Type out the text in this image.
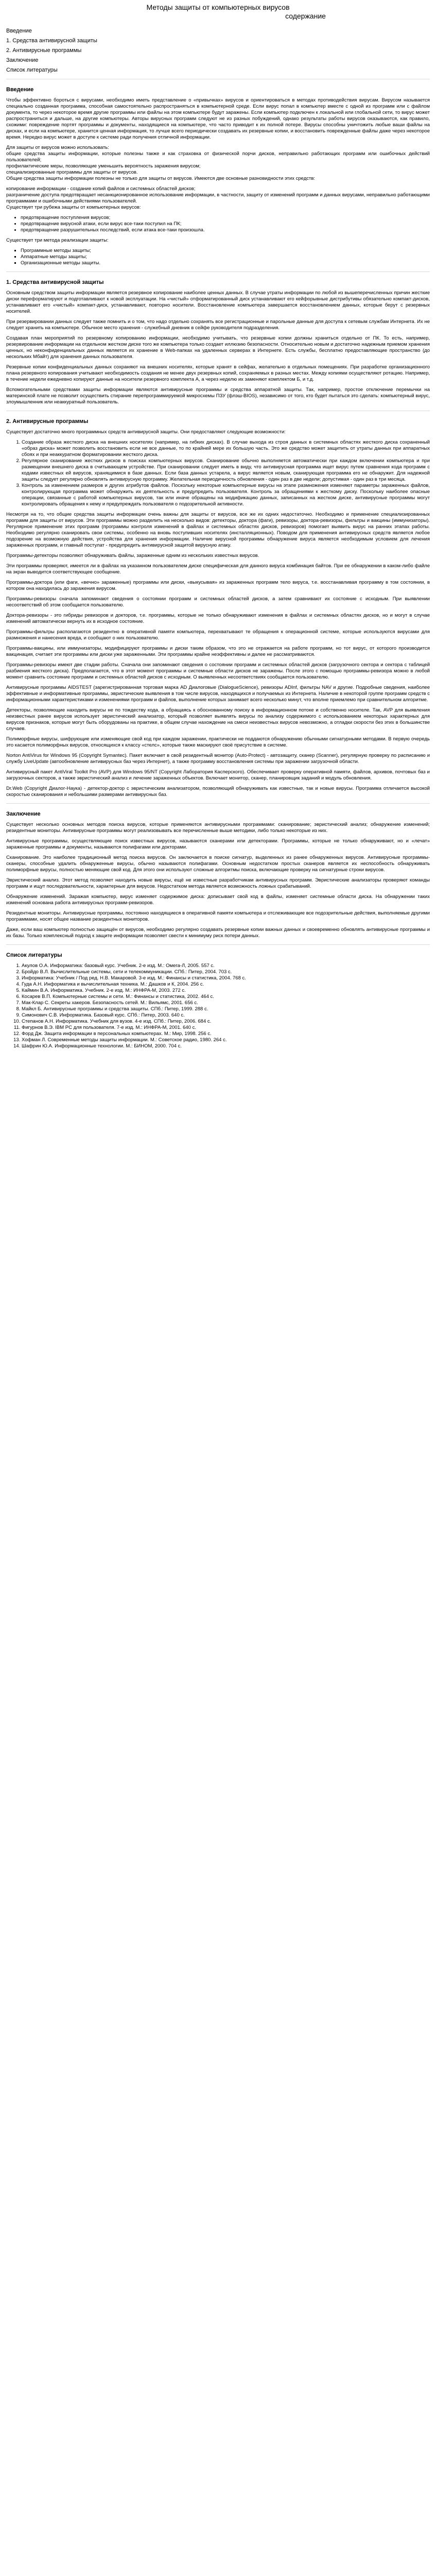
Методы защиты от компьютерных вирусов
содержание
Введение
1. Средства антивирусной защиты
2. Антивирусные программы
Заключение
Список литературы
Введение

Чтобы эффективно бороться с вирусами, необходимо иметь представление о «привычках» вирусов и ориентироваться в методах противодействия вирусам. Вирусом называется специально созданная программа, способная самостоятельно распространяться в компьютерной среде. Если вирус попал в компьютер вместе с одной из программ или с файлом документа, то через некоторое время другие программы или файлы на этом компьютере будут заражены. Если компьютер подключен к локальной или глобальной сети, то вирус может распространиться и дальше, на другие компьютеры. Авторы вирусных программ следуют не из разных побуждений, однако результаты работы вирусов оказываются, как правило, схожими: повреждение портят программы и документы, находящиеся на компьютере, что часто приводит к их полной потере. Вирусы способны уничтожить любые ваши файлы на дисках, и если на компьютере, хранится ценная информация, то лучше всего периодически создавать их резервные копии, и восстановить поврежденные файлы даже через некоторое время. Нередко вирус может в доступе к системе ради получения отличной информации.

Для защиты от вирусов можно использовать:

общие средства защиты информации, которые полезны также и как страховка от физической порчи дисков, неправильно работающих программ или ошибочных действий пользователей;

профилактические меры, позволяющие уменьшить вероятность заражения вирусом;

специализированные программы для защиты от вирусов.

Общие средства защиты информации полезны не только для защиты от вирусов. Имеются две основные разновидности этих средств:

копирование информации - создание копий файлов и системных областей дисков;

разграничение доступа предотвращает несанкционированное использование информации, в частности, защиту от изменений программ и данных вирусами, неправильно работающими программами и ошибочными действиями пользователей.

Существует три рубежа защиты от компьютерных вирусов:

• предотвращение поступления вирусов;
• предотвращение вирусной атаки, если вирус все-таки поступил на ПК;
• предотвращение разрушительных последствий, если атака все-таки произошла.

Существует три метода реализации защиты:

▪ Программные методы защиты;
▪ Аппаратные методы защиты;
▪ Организационные методы защиты.
1. Средства антивирусной защиты

Основным средством защиты информации является резервное копирование наиболее ценных данных. В случае утраты информации по любой из вышеперечисленных причин жесткие диски переформатируют и подготавливают к новой эксплуатации. На «чистый» отформатированный диск устанавливают его кейфорывные дистрибутивы обязательно компакт-дисков, устанавливают его «чистый» компакт-диск, устанавливают, повторно носители. Восстановление компьютера завершается восстановлением данных, которые берут с резервных носителей.

При резервировании данных следует также помнить и о том, что надо отдельно сохранять все регистрационные и парольные данные для доступа к сетевым службам Интернета. Их не следует хранить на компьютере. Обычное место хранения - служебный дневник в сейфе руководителя подразделения.

Создавая план мероприятий по резервному копированию информации, необходимо учитывать, что резервные копии должны храниться отдельно от ПК. То есть, например, резервирование информации на отдельном жестком диске того же компьютера только создает иллюзию безопасности. Относительно новым и достаточно надежным приемом хранения ценных, но неконфиденциальных данных является их хранение в Web-папках на удаленных серверах в Интернете. Есть службы, бесплатно предоставляющие пространство (до нескольких Мбайт) для хранения данных пользователя.

Резервные копии конфиденциальных данных сохраняют на внешних носителях, которые хранят в сейфах, желательно в отдельных помещениях. При разработке организационного плана резервного копирования учитывают необходимость создания не менее двух резервных копий, сохраняемых в разных местах. Между копиями осуществляют ротацию. Например, в течение недели ежедневно копируют данные на носители резервного комплекта А, а через неделю их заменяют комплектом Б, и т.д.

Вспомогательными средствами защиты информации являются антивирусные программы и средства аппаратной защиты. Так, например, простое отключение перемычки на материнской плате не позволит осуществить стирание перепрограммируемой микросхемы ПЗУ (флэш-BIOS), независимо от того, кто будет пытаться это сделать: компьютерный вирус, злоумышленник или неаккуратный пользователь.

2. Антивирусные программы

Существует достаточно много программных средств антивирусной защиты. Они предоставляют следующие возможности:

1. Создание образа жесткого диска на внешних носителях (например, на гибких дисках). В случае выхода из строя данных в системных областях жесткого диска сохраненный «образ диска» может позволить восстановить если не все данные, то по крайней мере их большую часть. Это же средство может защитить от утраты данных при аппаратных сбоях и при неаккуратном форматировании жесткого диска.
2. Регулярное сканирование жестких дисков в поисках компьютерных вирусов. Сканирование обычно выполняется автоматически при каждом включении компьютера и при размещении внешнего диска в считывающем устройстве. При сканировании следует иметь в виду, что антивирусная программа ищет вирус путем сравнения кода программ с кодами известных ей вирусов, хранящимися в базе данных. Если база данных устарела, а вирус является новым, сканирующая программа его не обнаружит. Для надежной защиты следует регулярно обновлять антивирусную программу. Желательная периодичность обновления - один раз в две недели; допустимая - один раз в три месяца.
3. Контроль за изменением размеров и других атрибутов файлов. Поскольку некоторые компьютерные вирусы на этапе размножения изменяют параметры зараженных файлов, контролирующая программа может обнаружить их деятельность и предупредить пользователя. Контроль за обращениями к жесткому диску. Поскольку наиболее опасные операции, связанные с работой компьютерных вирусов, так или иначе обращены на модификацию данных, записанных на жестком диске, антивирусные программы могут контролировать обращения к нему и предупреждать пользователя о подозрительной активности.

Несмотря на то, что общие средства защиты информации очень важны для защиты от вирусов, все же их одних недостаточно. Необходимо и применение специализированных программ для защиты от вирусов. Эти программы можно разделить на несколько видов: детекторы, доктора (фаги), ревизоры, доктора-ревизоры, фильтры и вакцины (иммунизаторы). Регулярное применение этих программ (программы контроля изменений в файлах и системных областях дисков, ревизоров) помогает выявить вирус на ранних этапах работы. Необходимо регулярно сканировать свои системы, особенно на вновь поступивших носителях (инсталляционных). Поводом для применения антивирусных средств является любое подозрение на возможную действия, устройства для хранения информации. Наличие вирусной программы обнаружение вируса является необходимым условием для лечения зараженных программ, и главный постулат - предупредить антивирусной защитой вирусную атаку.

Программы-детекторы позволяют обнаруживать файлы, зараженные одним из нескольких известных вирусов.

Эти программы проверяют, имеется ли в файлах на указанном пользователем диске специфическая для данного вируса комбинация байтов. При ее обнаружении в каком-либо файле на экран выводится соответствующее сообщение.

Программы-доктора (или фаги, «вечно» зараженные) программы или диски, «выкусывая» из зараженных программ тело вируса, т.е. восстанавливая программу в том состоянии, в котором она находилась до заражения вирусом.

Программы-ревизоры сначала запоминают сведения о состоянии программ и системных областей дисков, а затем сравнивают их состояние с исходным. При выявлении несоответствий об этом сообщается пользователю.

Доктора-ревизоры - это гибриды ревизоров и докторов, т.е. программы, которые не только обнаруживают изменения в файлах и системных областях дисков, но и могут в случае изменений автоматически вернуть их в исходное состояние.

Программы-фильтры располагаются резидентно в оперативной памяти компьютера, перехватывают те обращения к операционной системе, которые используются вирусами для размножения и нанесения вреда, и сообщают о них пользователю.

Программы-вакцины, или иммунизаторы, модифицируют программы и диски таким образом, что это не отражается на работе программ, но тот вирус, от которого производится вакцинация, считает эти программы или диски уже зараженными. Эти программы крайне неэффективны и далее не рассматриваются.

Программы-ревизоры имеют две стадии работы. Сначала они запоминают сведения о состоянии программ и системных областей дисков (загрузочного сектора и сектора с таблицей разбиения жесткого диска). Предполагается, что в этот момент программы и системные области дисков не заражены. После этого с помощью программы-ревизора можно в любой момент сравнить состояние программ и системных областей дисков с исходным. О выявленных несоответствиях сообщается пользователю.

Антивирусные программы AIDSTEST (зарегистрированная торговая марка AD Диалоговые (DialogueScience), ревизоры ADInf, фильтры NAV и другие. Подробные сведения, наиболее эффективные и информативные программы, эвристические выявления в том числе вирусов, находящихся и получаемых из Интернета. Наличие в некоторой группе программ средств с информационными характеристиками и изменениями программ и файлов, выполнение которых занимает всего несколько минут, что вполне приемлемо при сравнительном алгоритме.

Детекторы, позволяющие находить вирусы не по тождеству кода, а обращаясь к обоснованному поиску в информационном потоке и собственно носителе. Так, AVP для выявления неизвестных ранее вирусов использует эвристический анализатор, который позволяет выявлять вирусы по анализу содержимого с использованием некоторых характерных для вирусов признаков, которые могут быть оборудованы на практике, в общем случае нахождение на смеси неизвестных вирусов невозможно, а отладки скорости без этих в большинстве случаев.

Полиморфные вирусы, шифрующие или изменяющие свой код при каждом заражении, практически не поддаются обнаружению обычными сигнатурными методами. В первую очередь это касается полиморфных вирусов, относящихся к классу «стелс», которые также маскируют своё присутствие в системе.

Norton AntiVirus for Windows 95 (Copyright Symantec). Пакет включает в свой резидентный монитор (Auto-Protect) - автозащиту, сканер (Scanner), регулярную проверку по расписанию и службу LiveUpdate (автообновление антивирусных баз через Интернет), а также программу восстановления системы при заражении загрузочной области.

Антивирусный пакет AntiViral Toolkit Pro (AVP) для Windows 95/NT (Copyright Лаборатория Касперского). Обеспечивает проверку оперативной памяти, файлов, архивов, почтовых баз и загрузочных секторов, а также эвристический анализ и лечение зараженных объектов. Включает монитор, сканер, планировщик заданий и модуль обновления.

Dr.Web (Copyright Диалог-Наука) - детектор-доктор с эвристическим анализатором, позволяющий обнаруживать как известные, так и новые вирусы. Программа отличается высокой скоростью сканирования и небольшими размерами антивирусных баз.

Заключение

Существует несколько основных методов поиска вирусов, которые применяются антивирусными программами: сканирование; эвристический анализ; обнаружение изменений; резидентные мониторы. Антивирусные программы могут реализовывать все перечисленные выше методики, либо только некоторые из них.

Антивирусные программы, осуществляющие поиск известных вирусов, называются сканерами или детекторами. Программы, которые не только обнаруживают, но и «лечат» зараженные программы и документы, называются полифагами или докторами.

Сканирование. Это наиболее традиционный метод поиска вирусов. Он заключается в поиске сигнатур, выделенных из ранее обнаруженных вирусов. Антивирусные программы-сканеры, способные удалить обнаруженные вирусы, обычно называются полифагами. Основным недостатком простых сканеров является их неспособность обнаруживать полиморфные вирусы, полностью меняющие свой код. Для этого они используют сложные алгоритмы поиска, включающие проверку на сигнатурные строки вирусов.

Эвристический анализ. Этот метод позволяет находить новые вирусы, ещё не известные разработчикам антивирусных программ. Эвристические анализаторы проверяют команды программ и ищут последовательности, характерные для вирусов. Недостатком метода является возможность ложных срабатываний.

Обнаружение изменений. Заражая компьютер, вирус изменяет содержимое диска: дописывает свой код в файлы, изменяет системные области диска. На обнаружении таких изменений основана работа антивирусных программ-ревизоров.

Резидентные мониторы. Антивирусные программы, постоянно находящиеся в оперативной памяти компьютера и отслеживающие все подозрительные действия, выполняемые другими программами, носят общее название резидентных мониторов.

Даже, если ваш компьютер полностью защищён от вирусов, необходимо регулярно создавать резервные копии важных данных и своевременно обновлять антивирусные программы и их базы. Только комплексный подход к защите информации позволяет свести к минимуму риск потери данных.

Список литературы
1. Акулов О.А. Информатика: базовый курс. Учебник. 2-е изд. М.: Омега-Л, 2005. 557 с.
2. Бройдо В.Л. Вычислительные системы, сети и телекоммуникации. СПб.: Питер, 2004. 703 с.
3. Информатика: Учебник / Под ред. Н.В. Макаровой. 3-е изд. М.: Финансы и статистика, 2004. 768 с.
4. Гуда А.Н. Информатика и вычислительная техника. М.: Дашков и К, 2004. 256 с.
5. Каймин В.А. Информатика. Учебник. 2-е изд. М.: ИНФРА-М, 2003. 272 с.
6. Косарев В.П. Компьютерные системы и сети. М.: Финансы и статистика, 2002. 464 с.
7. Мак-Клар С. Секреты хакеров. Безопасность сетей. М.: Вильямс, 2001. 656 с.
8. Майкл Б. Антивирусные программы и средства защиты. СПб.: Питер, 1999. 288 с.
9. Симонович С.В. Информатика. Базовый курс. СПб.: Питер, 2003. 640 с.
10. Степанов А.Н. Информатика. Учебник для вузов. 4-е изд. СПб.: Питер, 2006. 684 с.
11. Фигурнов В.Э. IBM PC для пользователя. 7-е изд. М.: ИНФРА-М, 2001. 640 с.
12. Форд Дж. Защита информации в персональных компьютерах. М.: Мир, 1998. 256 с.
13. Хофман Л. Современные методы защиты информации. М.: Советское радио, 1980. 264 с.
14. Шафрин Ю.А. Информационные технологии. М.: БИНОМ, 2000. 704 с.
